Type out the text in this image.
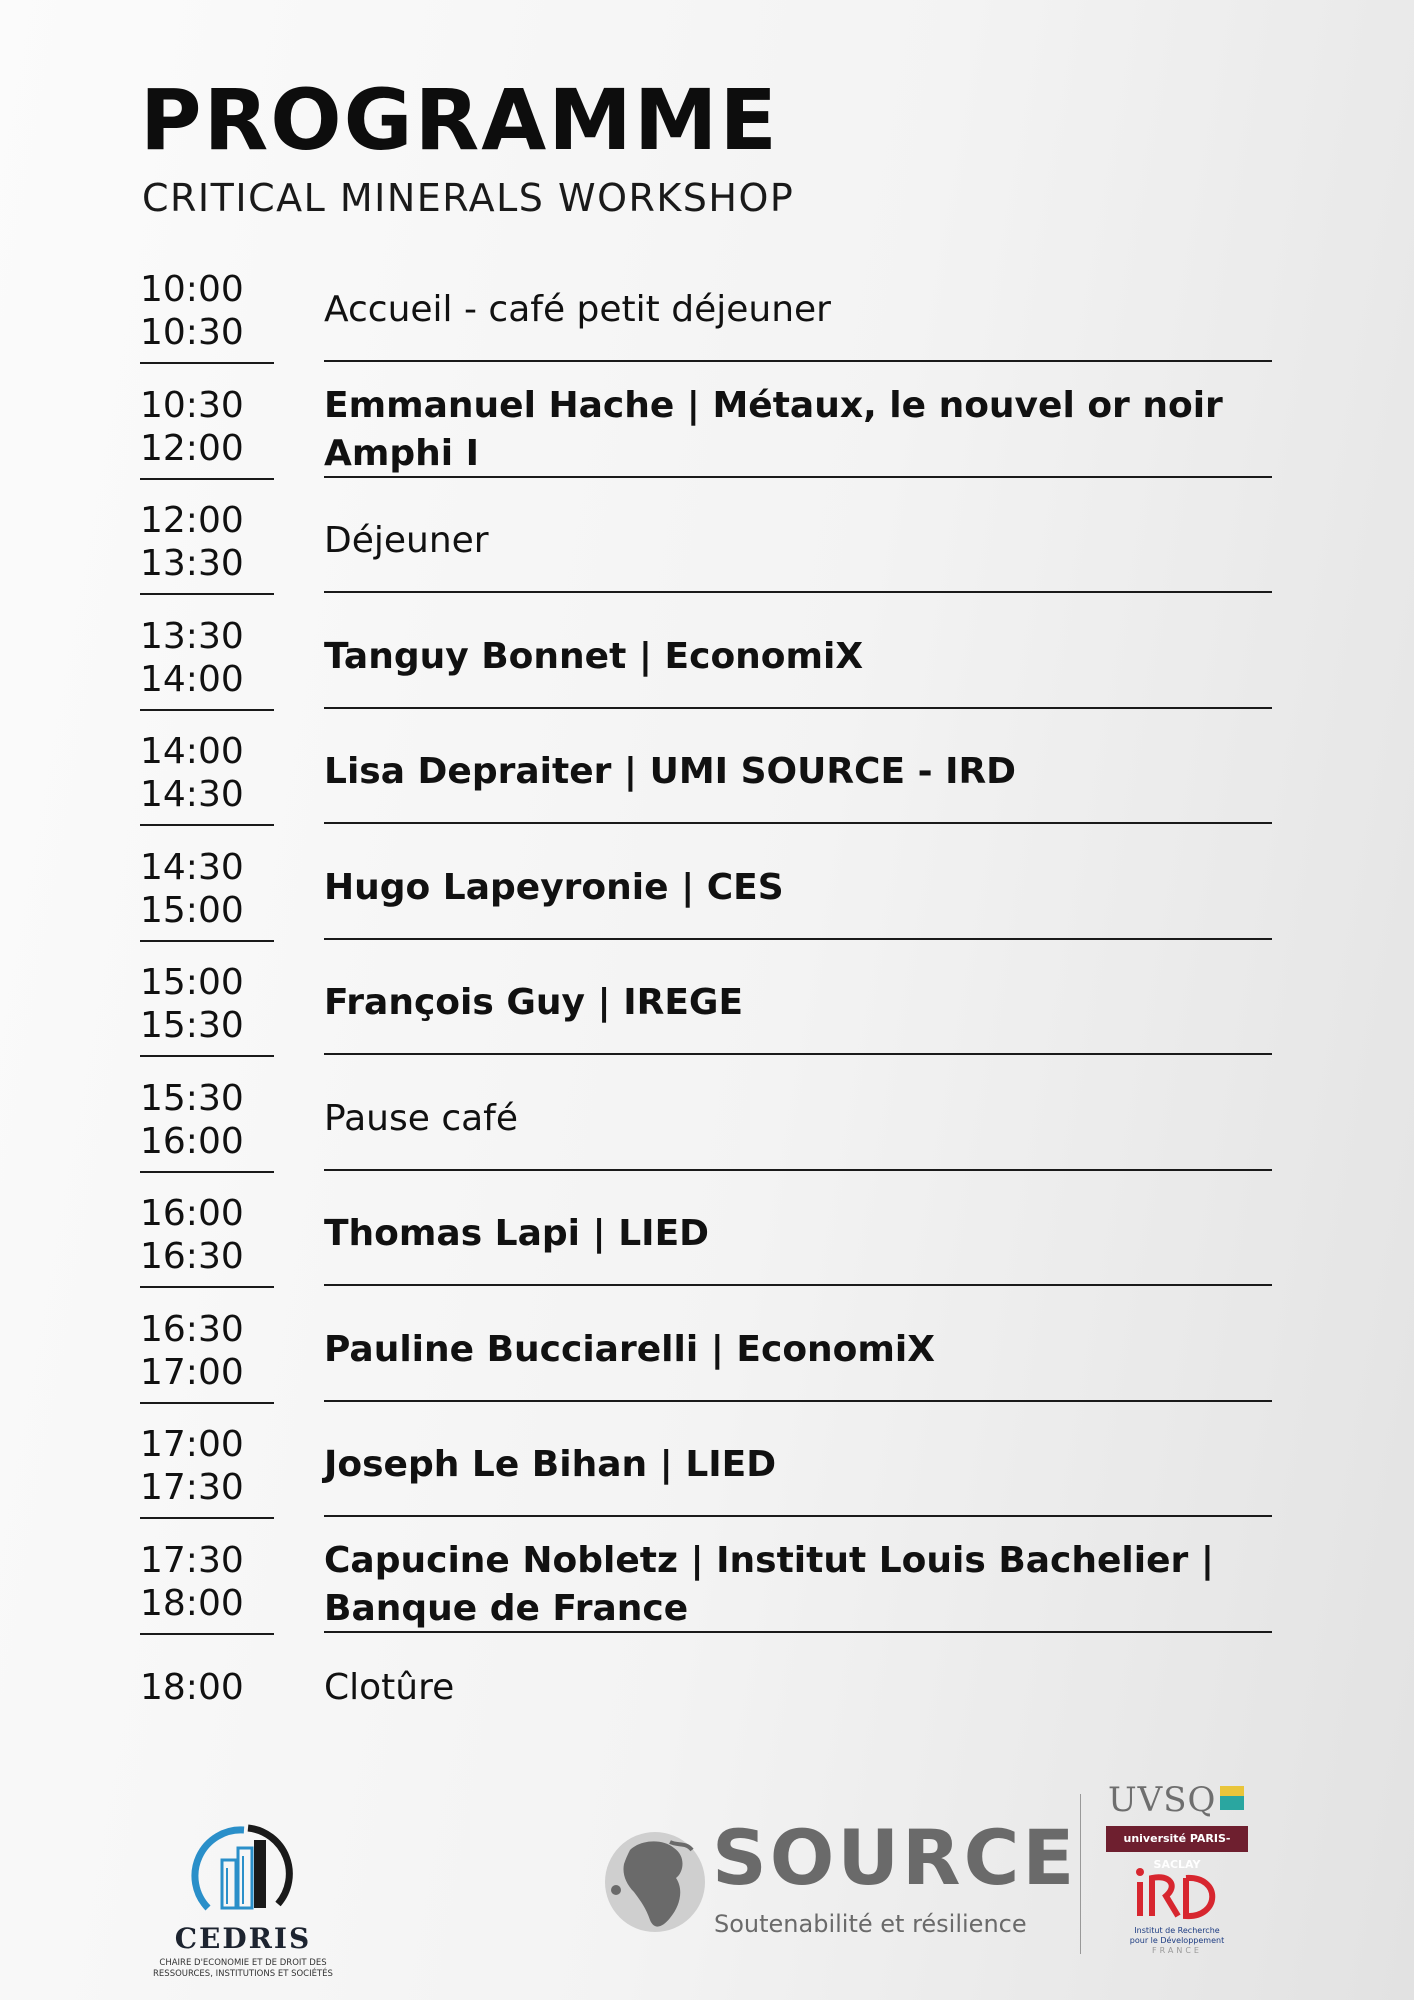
PROGRAMME
CRITICAL MINERALS WORKSHOP
10:00
10:30
Accueil - café petit déjeuner
10:30
12:00
Emmanuel Hache | Métaux, le nouvel or noir
Amphi I
12:00
13:30
Déjeuner
13:30
14:00
Tanguy Bonnet | EconomiX
14:00
14:30
Lisa Depraiter | UMI SOURCE - IRD
14:30
15:00
Hugo Lapeyronie | CES
15:00
15:30
François Guy | IREGE
15:30
16:00
Pause café
16:00
16:30
Thomas Lapi | LIED
16:30
17:00
Pauline Bucciarelli | EconomiX
17:00
17:30
Joseph Le Bihan | LIED
17:30
18:00
Capucine Nobletz | Institut Louis Bachelier |
Banque de France
18:00 Clotûre
CEDRIS
CHAIRE D'ECONOMIE ET DE DROIT DES
RESSOURCES, INSTITUTIONS ET SOCIÉTÉS
SOURCE
Soutenabilité et résilience
UVSQ
université PARIS-SACLAY
Institut de Recherche
pour le Développement
FRANCE
